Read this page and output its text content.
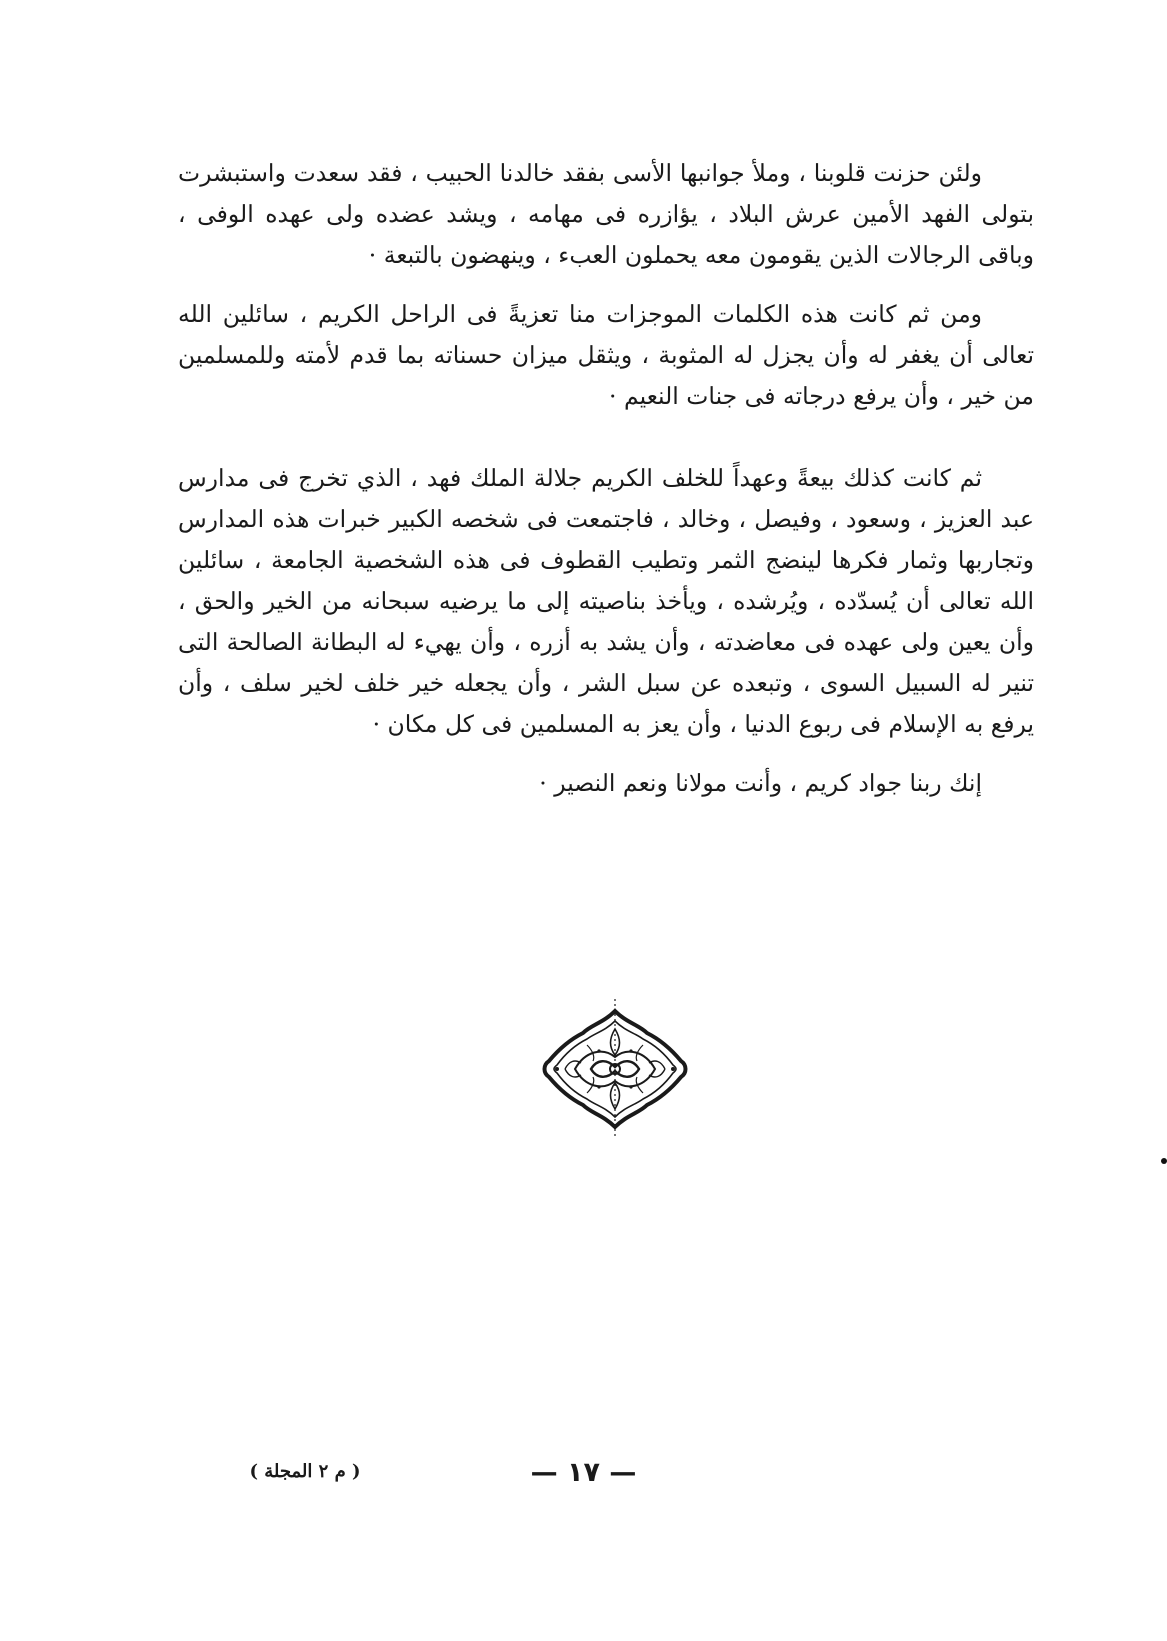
ولئن حزنت قلوبنا ، وملأ جوانبها الأسى بفقد خالدنا الحبيب ، فقد سعدت واستبشرت بتولى الفهد الأمين عرش البلاد ، يؤازره فى مهامه ، ويشد عضده ولى عهده الوفى ، وباقى الرجالات الذين يقومون معه يحملون العبء ، وينهضون بالتبعة ·

ومن ثم كانت هذه الكلمات الموجزات منا تعزيةً فى الراحل الكريم ، سائلين الله تعالى أن يغفر له وأن يجزل له المثوبة ، ويثقل ميزان حسناته بما قدم لأمته وللمسلمين من خير ، وأن يرفع درجاته فى جنات النعيم ·

ثم كانت كذلك بيعةً وعهداً للخلف الكريم جلالة الملك فهد ، الذي تخرج فى مدارس عبد العزيز ، وسعود ، وفيصل ، وخالد ، فاجتمعت فى شخصه الكبير خبرات هذه المدارس وتجاربها وثمار فكرها لينضج الثمر وتطيب القطوف فى هذه الشخصية الجامعة ، سائلين الله تعالى أن يُسدّده ، ويُرشده ، ويأخذ بناصيته إلى ما يرضيه سبحانه من الخير والحق ، وأن يعين ولى عهده فى معاضدته ، وأن يشد به أزره ، وأن يهيء له البطانة الصالحة التى تنير له السبيل السوى ، وتبعده عن سبل الشر ، وأن يجعله خير خلف لخير سلف ، وأن يرفع به الإسلام فى ربوع الدنيا ، وأن يعز به المسلمين فى كل مكان ·

إنك ربنا جواد كريم ، وأنت مولانا ونعم النصير ·

— ١٧ —
( م ٢ المجلة )
